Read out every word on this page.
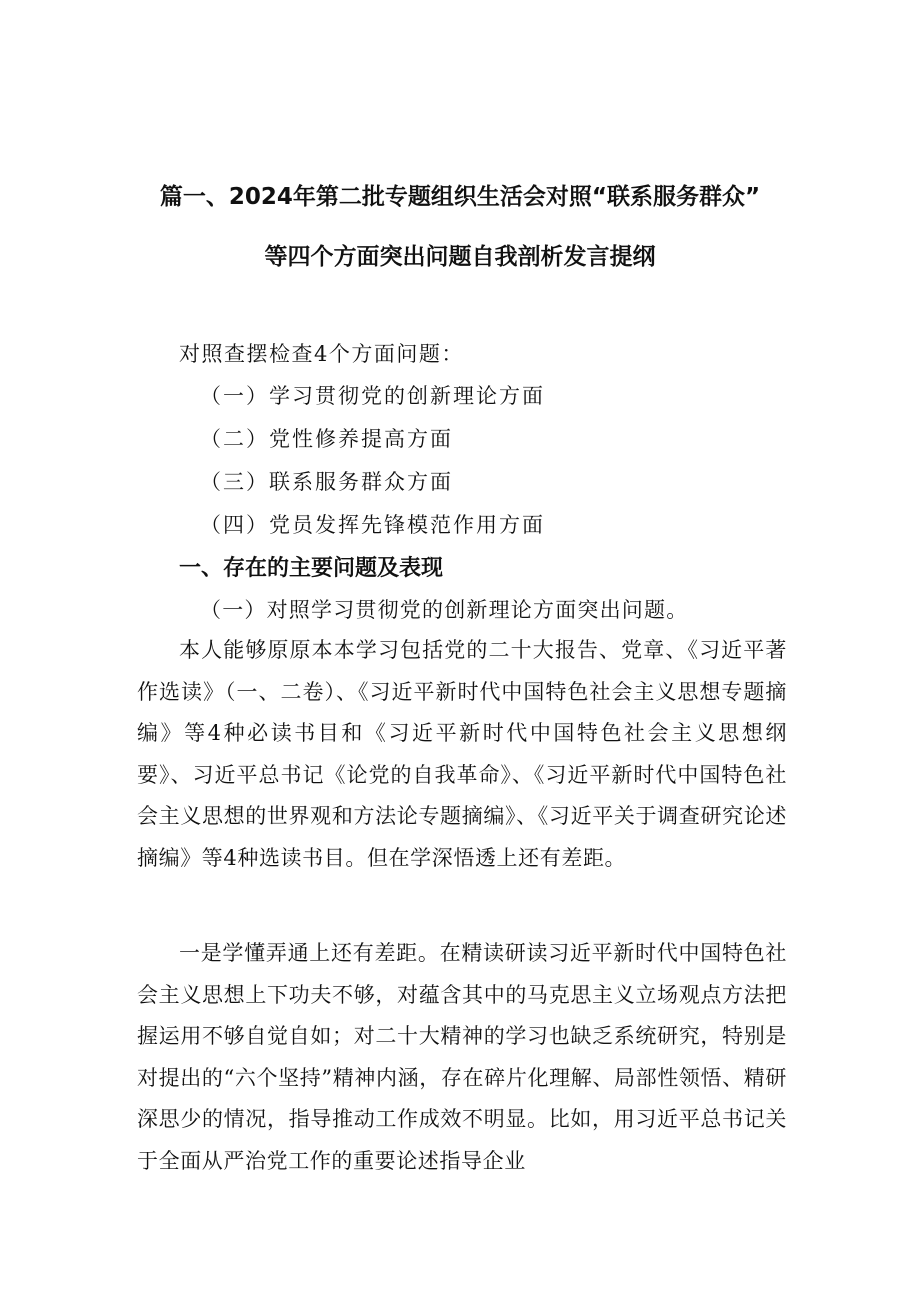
篇一、2024年第二批专题组织生活会对照“联系服务群众”
等四个方面突出问题自我剖析发言提纲
对照查摆检查4个方面问题：
（一）学习贯彻党的创新理论方面
（二）党性修养提高方面
（三）联系服务群众方面
（四）党员发挥先锋模范作用方面
一、存在的主要问题及表现
（一）对照学习贯彻党的创新理论方面突出问题。
本人能够原原本本学习包括党的二十大报告、党章、《习近平著作选读》（一、二卷）、《习近平新时代中国特色社会主义思想专题摘编》等4种必读书目和《习近平新时代中国特色社会主义思想纲要》、习近平总书记《论党的自我革命》、《习近平新时代中国特色社会主义思想的世界观和方法论专题摘编》、《习近平关于调查研究论述摘编》等4种选读书目。但在学深悟透上还有差距。
一是学懂弄通上还有差距。在精读研读习近平新时代中国特色社会主义思想上下功夫不够，对蕴含其中的马克思主义立场观点方法把握运用不够自觉自如；对二十大精神的学习也缺乏系统研究，特别是对提出的“六个坚持”精神内涵，存在碎片化理解、局部性领悟、精研深思少的情况，指导推动工作成效不明显。比如，用习近平总书记关于全面从严治党工作的重要论述指导企业
